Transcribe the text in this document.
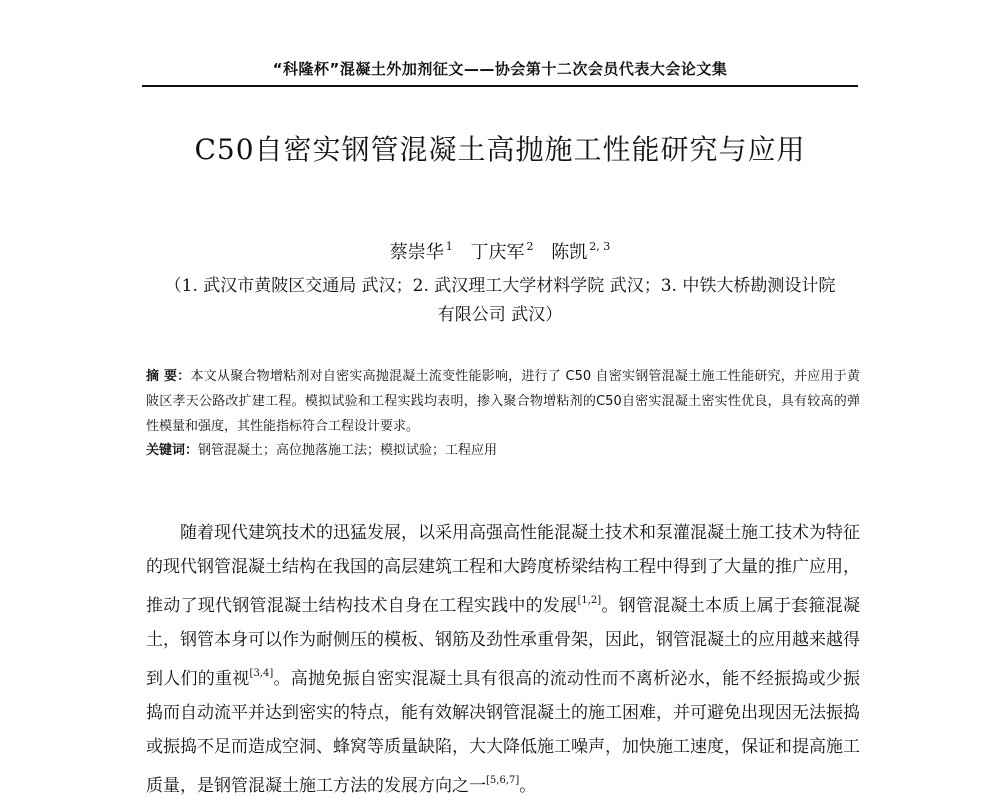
“科隆杯”混凝土外加剂征文——协会第十二次会员代表大会论文集
C50自密实钢管混凝土高抛施工性能研究与应用
蔡崇华 $^1$ 丁庆军 $^2$ 陈凯 $^{2, 3}$
（1. 武汉市黄陂区交通局 武汉；2. 武汉理工大学材料学院 武汉；3. 中铁大桥勘测设计院
有限公司 武汉）
摘 要：本文从聚合物增粘剂对自密实高抛混凝土流变性能影响，进行了 C50 自密实钢管混凝土施工性能研究，并应用于黄陂区孝天公路改扩建工程。模拟试验和工程实践均表明，掺入聚合物增粘剂的C50自密实混凝土密实性优良，具有较高的弹性模量和强度，其性能指标符合工程设计要求。
关键词：钢管混凝土；高位抛落施工法；模拟试验；工程应用
随着现代建筑技术的迅猛发展，以采用高强高性能混凝土技术和泵灌混凝土施工技术为特征的现代钢管混凝土结构在我国的高层建筑工程和大跨度桥梁结构工程中得到了大量的推广应用，推动了现代钢管混凝土结构技术自身在工程实践中的发展[1,2]。钢管混凝土本质上属于套箍混凝土，钢管本身可以作为耐侧压的模板、钢筋及劲性承重骨架，因此，钢管混凝土的应用越来越得到人们的重视[3,4]。高抛免振自密实混凝土具有很高的流动性而不离析泌水，能不经振捣或少振捣而自动流平并达到密实的特点，能有效解决钢管混凝土的施工困难，并可避免出现因无法振捣或振捣不足而造成空洞、蜂窝等质量缺陷，大大降低施工噪声，加快施工速度，保证和提高施工质量，是钢管混凝土施工方法的发展方向之一[5,6,7]。
